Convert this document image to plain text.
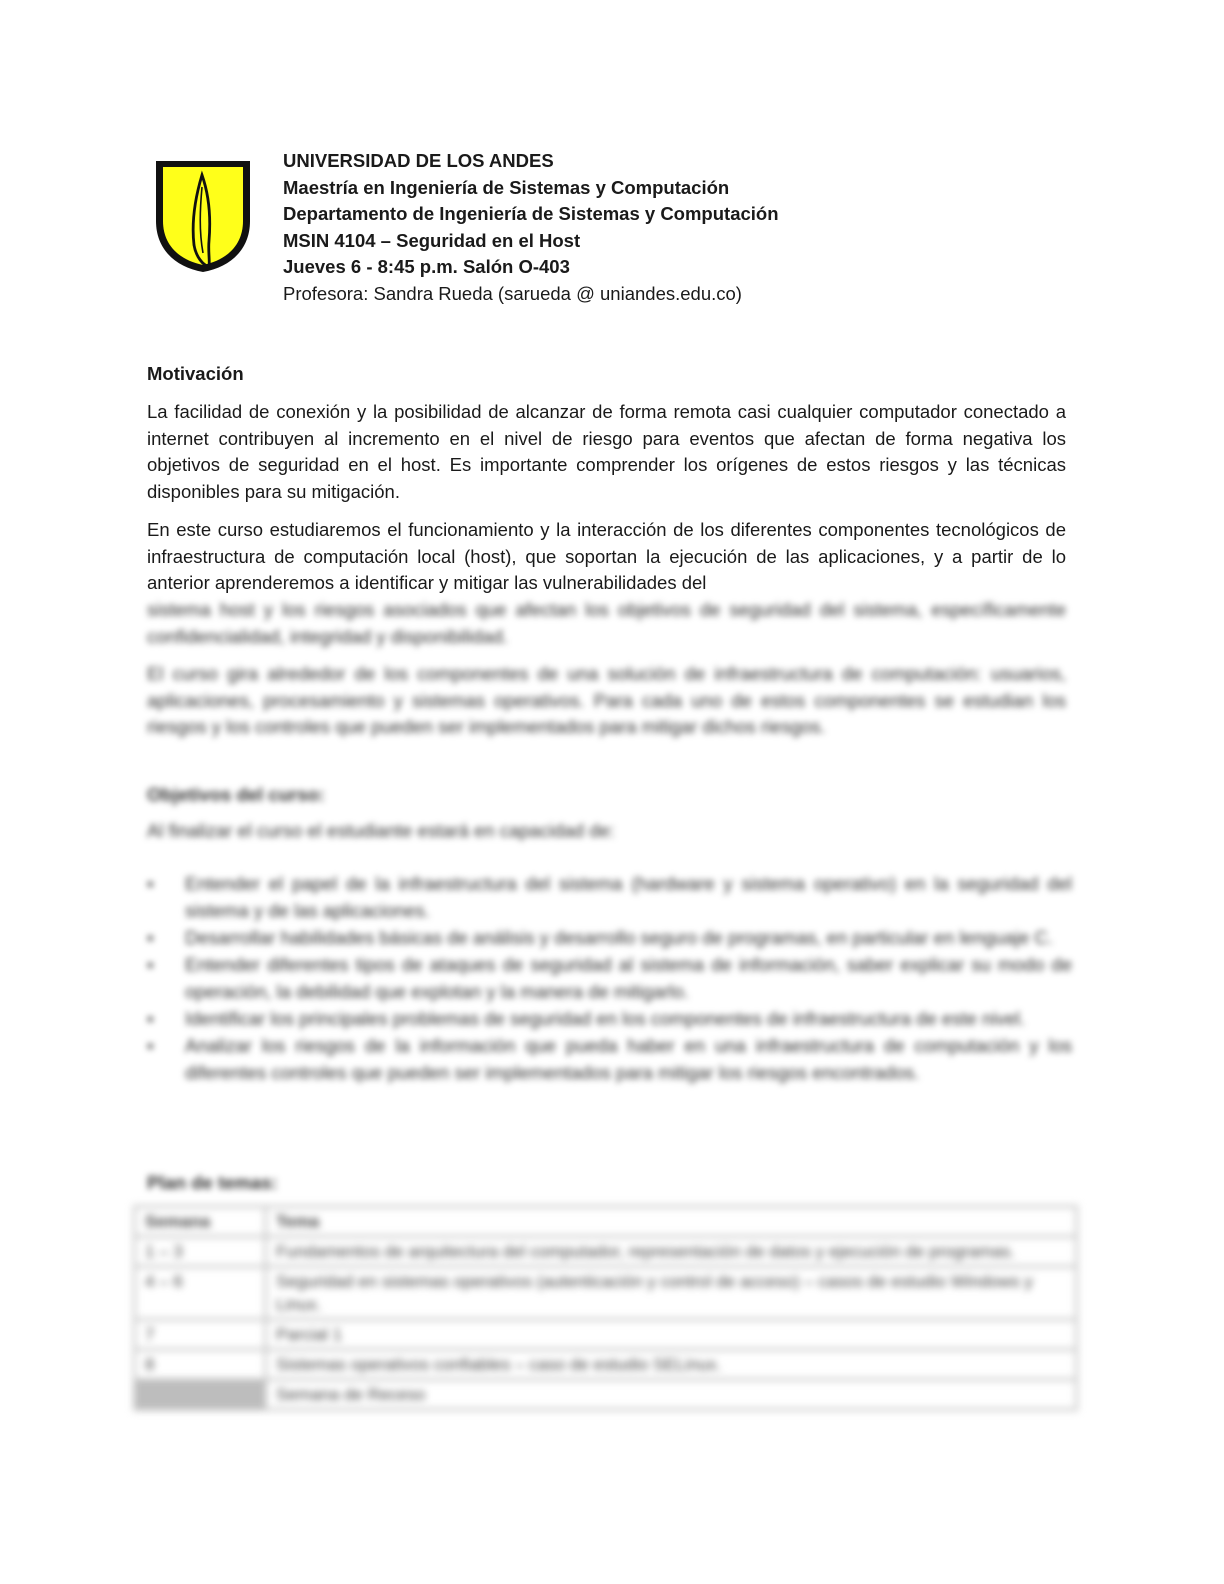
UNIVERSIDAD DE LOS ANDES
Maestría en Ingeniería de Sistemas y Computación
Departamento de Ingeniería de Sistemas y Computación
MSIN 4104 – Seguridad en el Host
Jueves 6 - 8:45 p.m. Salón O-403
Profesora: Sandra Rueda (sarueda @ uniandes.edu.co)
Motivación
La facilidad de conexión y la posibilidad de alcanzar de forma remota casi cualquier computador conectado a internet contribuyen al incremento en el nivel de riesgo para eventos que afectan de forma negativa los objetivos de seguridad en el host. Es importante comprender los orígenes de estos riesgos y las técnicas disponibles para su mitigación.
En este curso estudiaremos el funcionamiento y la interacción de los diferentes componentes tecnológicos de infraestructura de computación local (host), que soportan la ejecución de las aplicaciones, y a partir de lo anterior aprenderemos a identificar y mitigar las vulnerabilidades del
sistema host y los riesgos asociados que afectan los objetivos de seguridad del sistema, específicamente confidencialidad, integridad y disponibilidad.
El curso gira alrededor de los componentes de una solución de infraestructura de computación: usuarios, aplicaciones, procesamiento y sistemas operativos. Para cada uno de estos componentes se estudian los riesgos y los controles que pueden ser implementados para mitigar dichos riesgos.
Objetivos del curso:
Al finalizar el curso el estudiante estará en capacidad de:
▪	Entender el papel de la infraestructura del sistema (hardware y sistema operativo) en la seguridad del sistema y de las aplicaciones.
▪	Desarrollar habilidades básicas de análisis y desarrollo seguro de programas, en particular en lenguaje C.
▪	Entender diferentes tipos de ataques de seguridad al sistema de información, saber explicar su modo de operación, la debilidad que explotan y la manera de mitigarlo.
▪	Identificar los principales problemas de seguridad en los componentes de infraestructura de este nivel.
▪	Analizar los riesgos de la información que pueda haber en una infraestructura de computación y los diferentes controles que pueden ser implementados para mitigar los riesgos encontrados.
Plan de temas:
Semana	Tema
1 – 3	Fundamentos de arquitectura del computador, representación de datos y ejecución de programas.
4 – 6	Seguridad en sistemas operativos (autenticación y control de acceso) – casos de estudio Windows y Linux.
7	Parcial 1
8	Sistemas operativos confiables – caso de estudio SELinux.
	Semana de Receso
